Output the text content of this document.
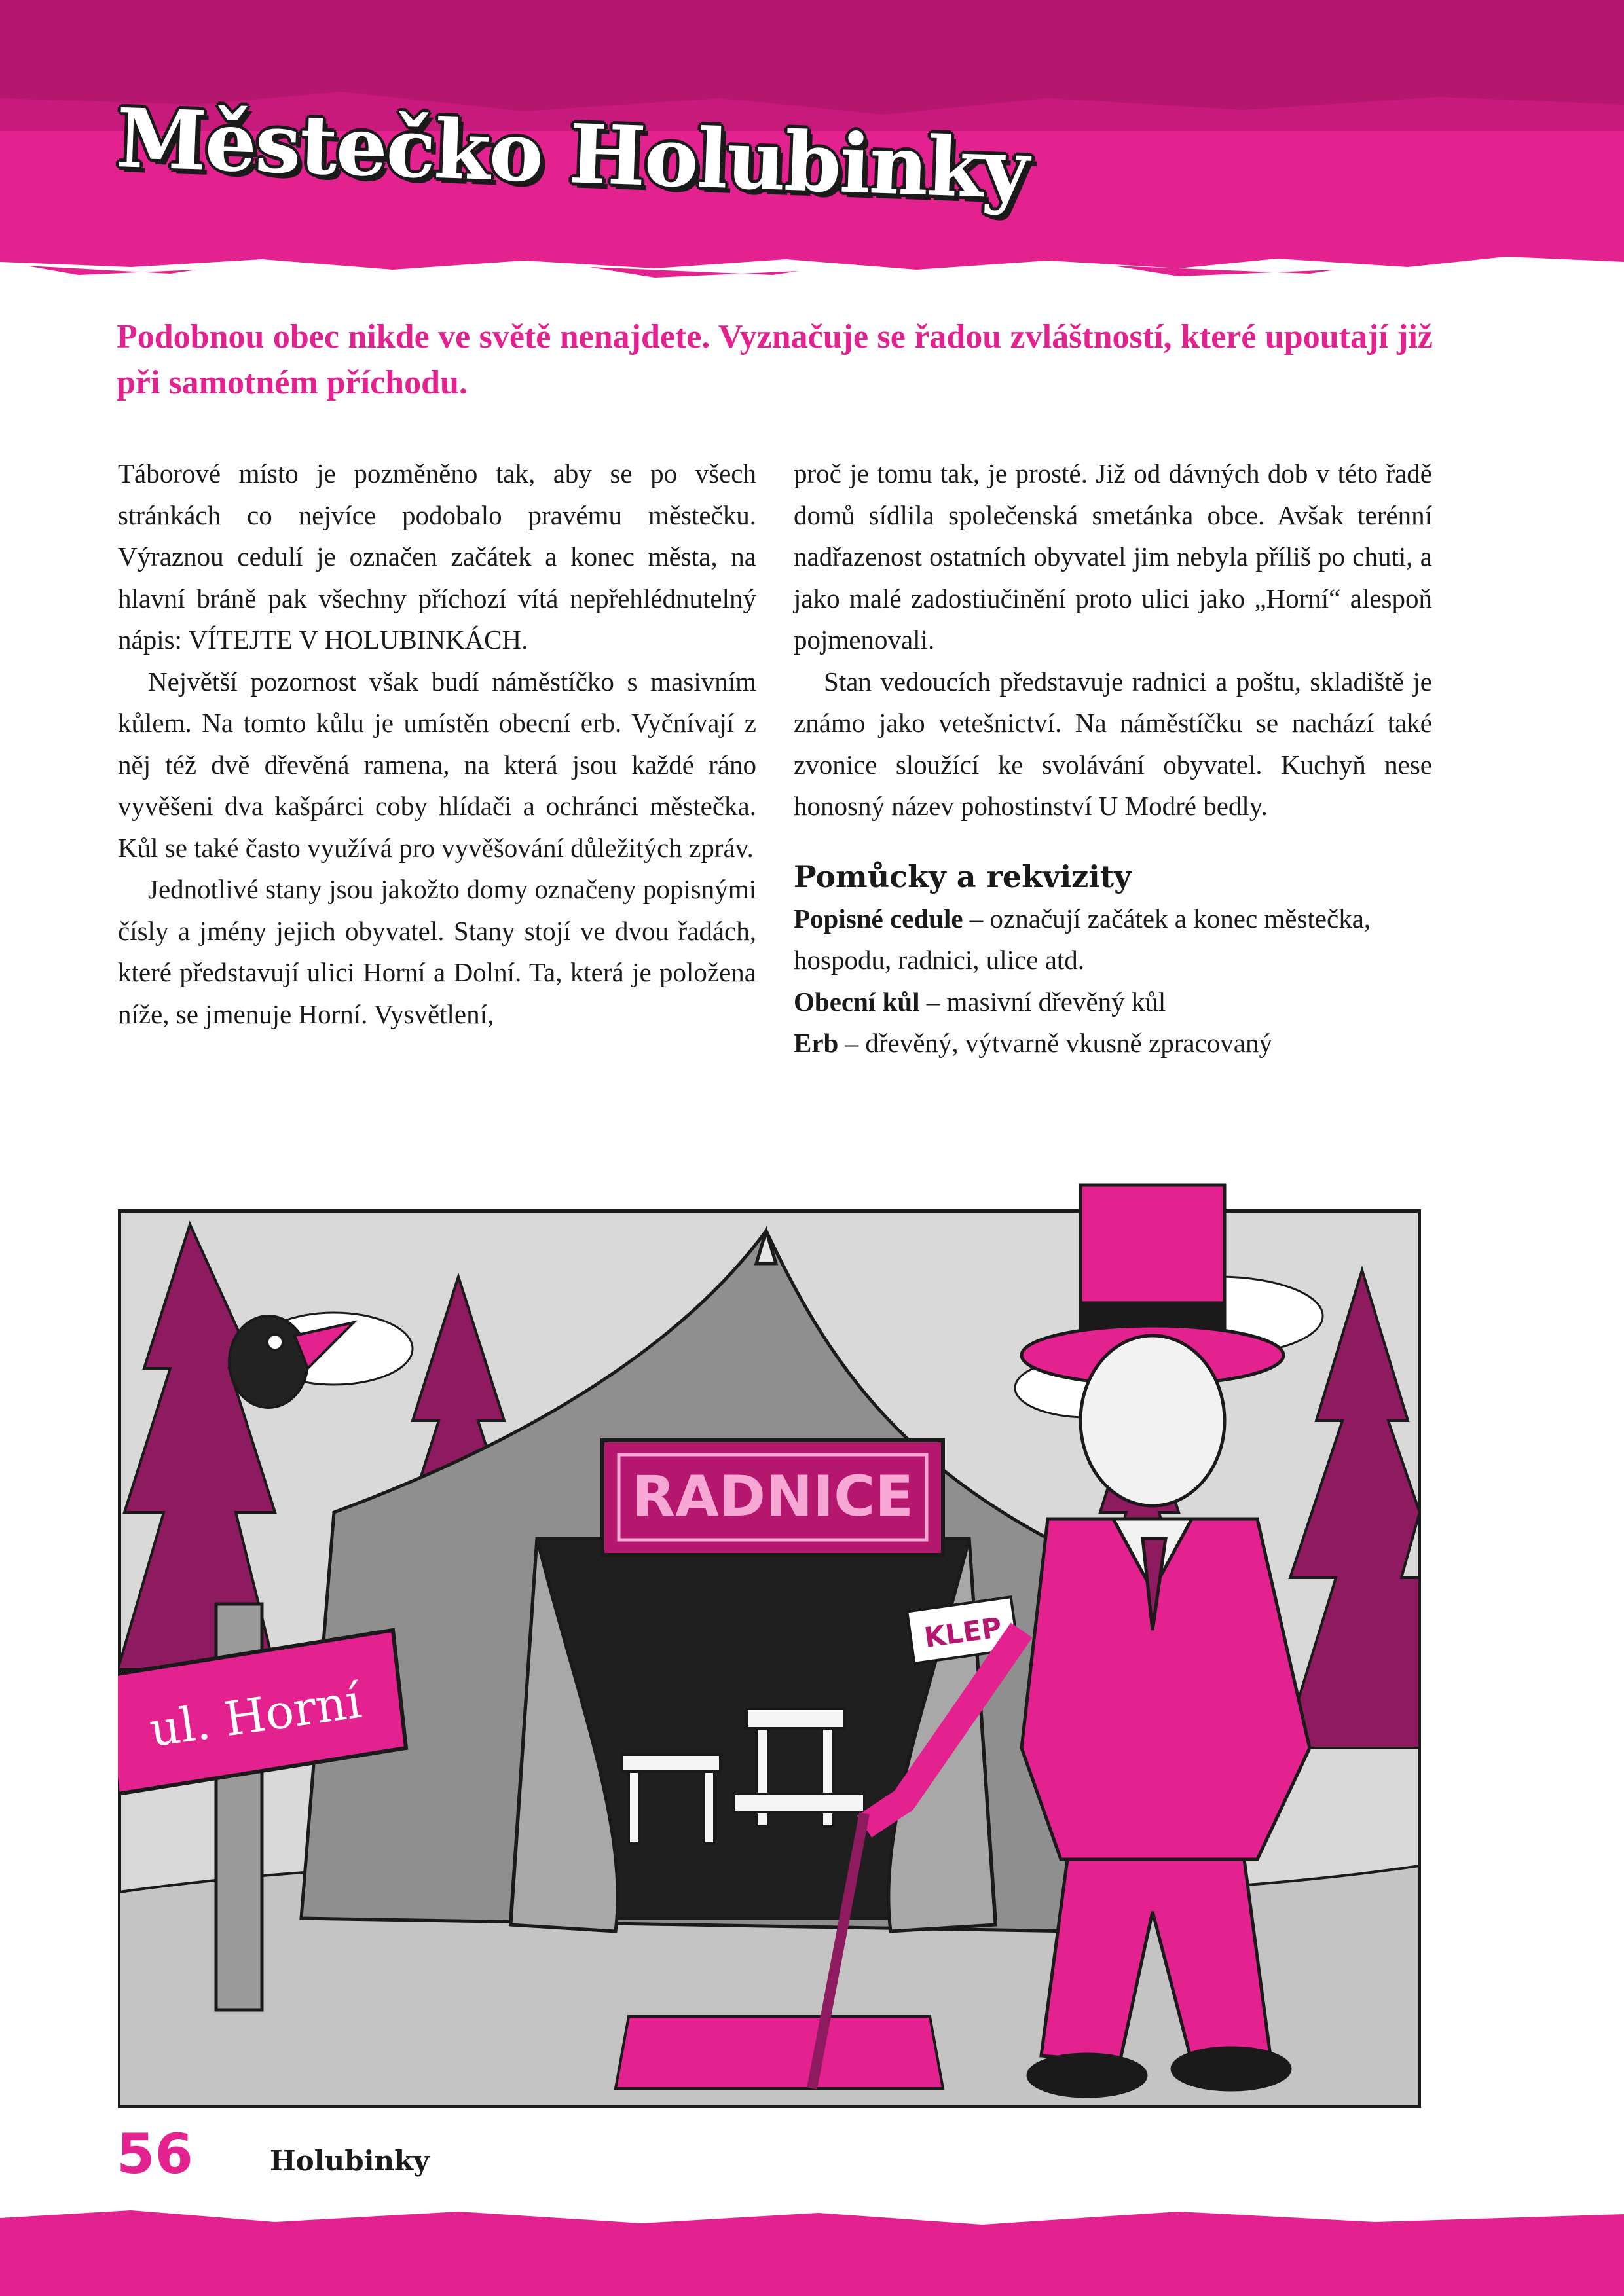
Městečko Holubinky

Podobnou obec nikde ve světě nenajdete. Vyznačuje se řadou zvláštností, které upoutají již při samotném příchodu.

Táborové místo je pozměněno tak, aby se po všech stránkách co nejvíce podobalo pravému městečku. Výraznou cedulí je označen začátek a konec města, na hlavní bráně pak všechny příchozí vítá nepřehlédnutelný nápis: VÍTEJTE V HOLUBINKÁCH.

Největší pozornost však budí náměstíčko s masivním kůlem. Na tomto kůlu je umístěn obecní erb. Vyčnívají z něj též dvě dřevěná ramena, na která jsou každé ráno vyvěšeni dva kašpárci coby hlídači a ochránci městečka. Kůl se také často využívá pro vyvěšování důležitých zpráv.

Jednotlivé stany jsou jakožto domy označeny popisnými čísly a jmény jejich obyvatel. Stany stojí ve dvou řadách, které představují ulici Horní a Dolní. Ta, která je položena níže, se jmenuje Horní. Vysvětlení,

proč je tomu tak, je prosté. Již od dávných dob v této řadě domů sídlila společenská smetánka obce. Avšak terénní nadřazenost ostatních obyvatel jim nebyla příliš po chuti, a jako malé zadostiučinění proto ulici jako „Horní“ alespoň pojmenovali.

Stan vedoucích představuje radnici a poštu, skladiště je známo jako vetešnictví. Na náměstíčku se nachází také zvonice sloužící ke svolávání obyvatel. Kuchyň nese honosný název pohostinství U Modré bedly.

Pomůcky a rekvizity

Popisné cedule – označují začátek a konec městečka, hospodu, radnici, ulice atd.

Obecní kůl – masivní dřevěný kůl

Erb – dřevěný, výtvarně vkusně zpracovaný

RADNICE
ul. Horní
KLEP
56	Holubinky
